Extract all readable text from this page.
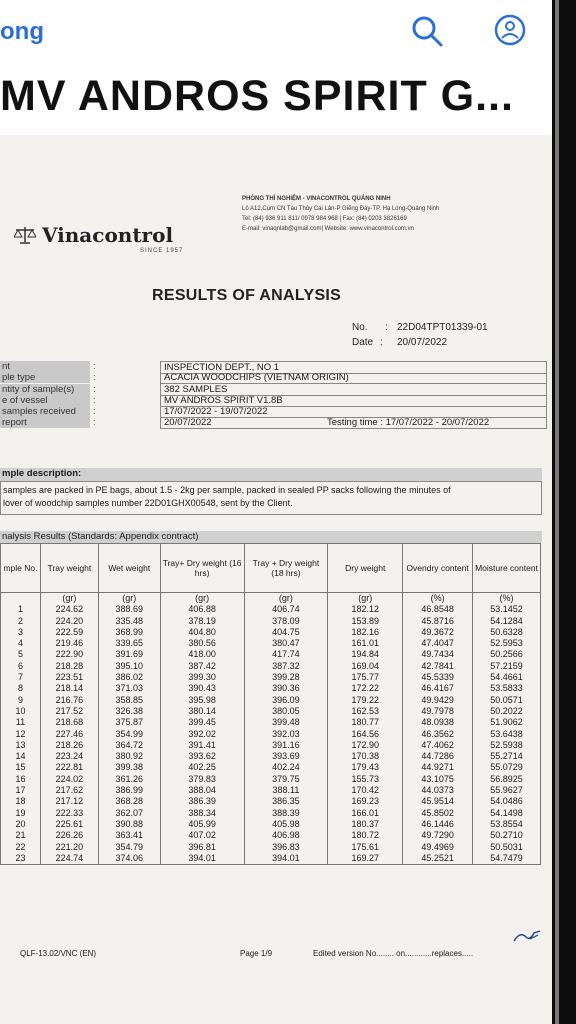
ong
MV ANDROS SPIRIT G...
Vinacontrol
SINCE 1957
PHÒNG THÍ NGHIỆM - VINACONTROL QUẢNG NINH
Lô A12,Cụm CN Tàu Thủy Cái Lân-P Giếng Đáy-TP. Hạ Long-Quảng Ninh
Tel: (84) 936 911 811/ 0978 984 968 | Fax: (84) 0203 3826169
E-mail: vinaqnlab@gmail.com| Website: www.vinacontrol.com.vn
RESULTS OF ANALYSIS
No. : 22D04TPT01339-01
Date : 20/07/2022
nt	:	INSPECTION DEPT., NO 1
ple type	:	ACACIA WOODCHIPS (VIETNAM ORIGIN)
ntity of sample(s)	:	382 SAMPLES
e of vessel	:	MV ANDROS SPIRIT V1.8B
samples received	:	17/07/2022 - 19/07/2022
report	:	20/07/2022	Testing time : 17/07/2022 - 20/07/2022
mple description:
samples are packed in PE bags, about 1.5 - 2kg per sample, packed in sealed PP sacks following the minutes of
lover of woodchip samples number 22D01GHX00548, sent by the Client.
nalysis Results (Standards: Appendix contract)
mple No.	Tray weight	Wet weight	Tray+ Dry weight (16 hrs)	Tray + Dry weight (18 hrs)	Dry weight	Ovendry content	Moisture content
	(gr)	(gr)	(gr)	(gr)	(gr)	(%)	(%)
1	224.62	388.69	406.88	406.74	182.12	46.8548	53.1452
2	224.20	335.48	378.19	378.09	153.89	45.8716	54.1284
3	222.59	368.99	404.80	404.75	182.16	49.3672	50.6328
4	219.46	339.65	380.56	380.47	161.01	47.4047	52.5953
5	222.90	391.69	418.00	417.74	194.84	49.7434	50.2566
6	218.28	395.10	387.42	387.32	169.04	42.7841	57.2159
7	223.51	386.02	399.30	399.28	175.77	45.5339	54.4661
8	218.14	371.03	390.43	390.36	172.22	46.4167	53.5833
9	216.76	358.85	395.98	396.09	179.22	49.9429	50.0571
10	217.52	326.38	380.14	380.05	162.53	49.7978	50.2022
11	218.68	375.87	399.45	399.48	180.77	48.0938	51.9062
12	227.46	354.99	392.02	392.03	164.56	46.3562	53.6438
13	218.26	364.72	391.41	391.16	172.90	47.4062	52.5938
14	223.24	380.92	393.62	393.69	170.38	44.7286	55.2714
15	222.81	399.38	402.25	402.24	179.43	44.9271	55.0729
16	224.02	361.26	379.83	379.75	155.73	43.1075	56.8925
17	217.62	386.99	388.04	388.11	170.42	44.0373	55.9627
18	217.12	368.28	386.39	386.35	169.23	45.9514	54.0486
19	222.33	362.07	388.34	388.39	166.01	45.8502	54.1498
20	225.61	390.88	405.99	405.98	180.37	46.1446	53.8554
21	226.26	363.41	407.02	406.98	180.72	49.7290	50.2710
22	221.20	354.79	396.81	396.83	175.61	49.4969	50.5031
23	224.74	374.06	394.01	394.01	169.27	45.2521	54.7479
QLF-13.02/VNC (EN)	Page 1/9	Edited version No........ on............replaces.....
